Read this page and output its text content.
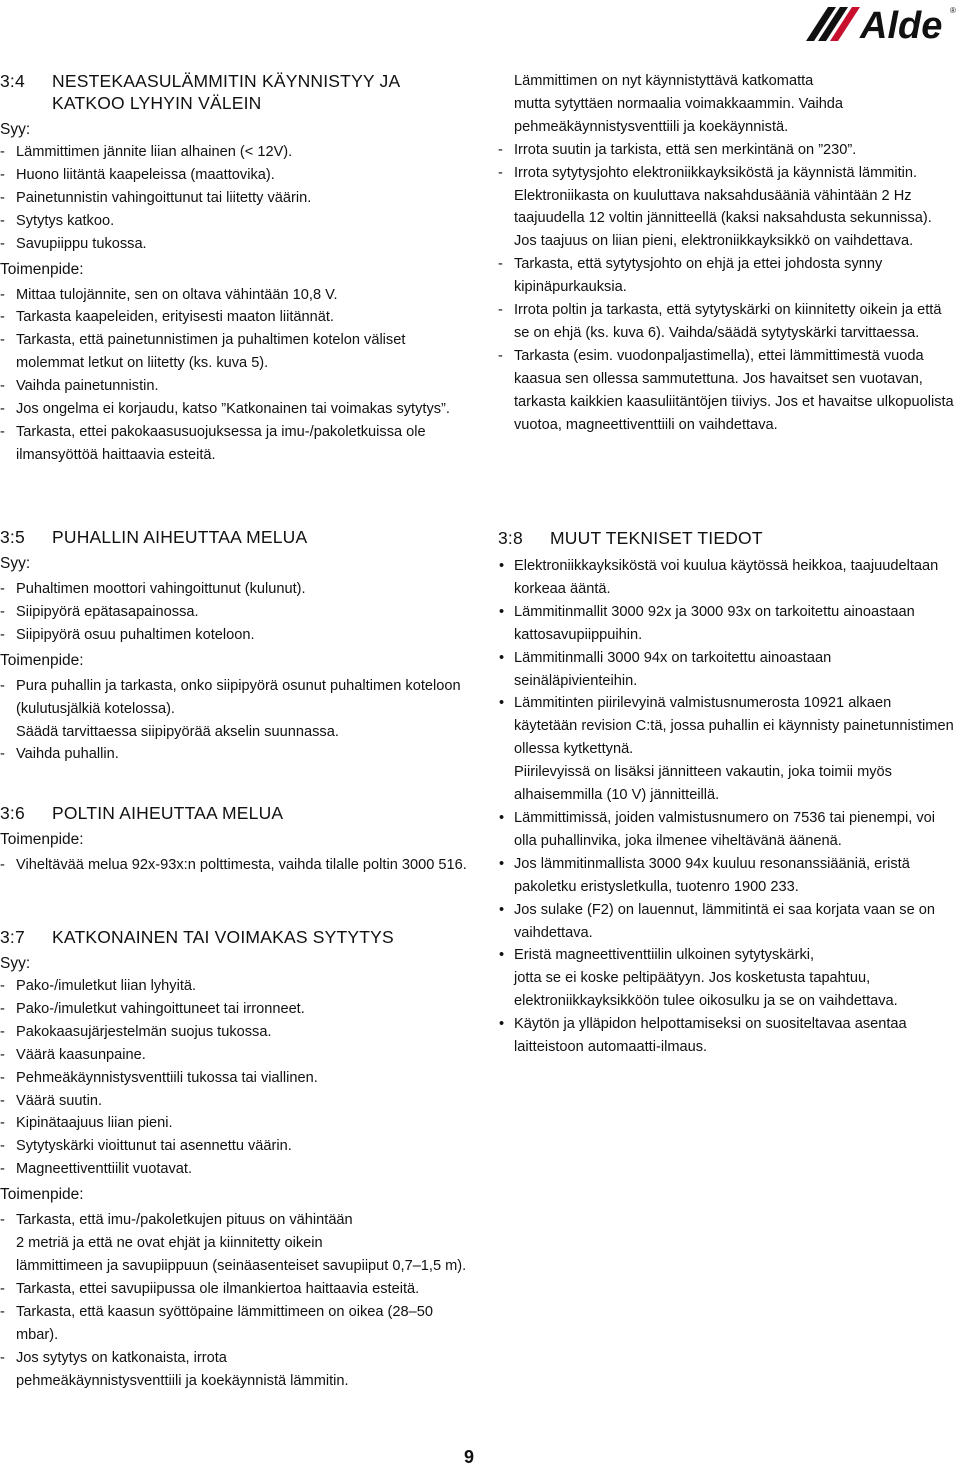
Alde ®
3:4	NESTEKAASULÄMMITIN KÄYNNISTYY JA KATKOO LYHYIN VÄLEIN
Syy:
- Lämmittimen jännite liian alhainen (< 12V).
- Huono liitäntä kaapeleissa (maattovika).
- Painetunnistin vahingoittunut tai liitetty väärin.
- Sytytys katkoo.
- Savupiippu tukossa.
Toimenpide:
- Mittaa tulojännite, sen on oltava vähintään 10,8 V.
- Tarkasta kaapeleiden, erityisesti maaton liitännät.
- Tarkasta, että painetunnistimen ja puhaltimen kotelon väliset molemmat letkut on liitetty (ks. kuva 5).
- Vaihda painetunnistin.
- Jos ongelma ei korjaudu, katso ”Katkonainen tai voimakas sytytys”.
- Tarkasta, ettei pakokaasusuojuksessa ja imu-/pakoletkuissa ole ilmansyöttöä haittaavia esteitä.
3:5	PUHALLIN AIHEUTTAA MELUA
Syy:
- Puhaltimen moottori vahingoittunut (kulunut).
- Siipipyörä epätasapainossa.
- Siipipyörä osuu puhaltimen koteloon.
Toimenpide:
- Pura puhallin ja tarkasta, onko siipipyörä osunut puhaltimen koteloon (kulutusjälkiä kotelossa).
Säädä tarvittaessa siipipyörää akselin suunnassa.
- Vaihda puhallin.
3:6	POLTIN AIHEUTTAA MELUA
Toimenpide:
- Viheltävää melua 92x-93x:n polttimesta, vaihda tilalle poltin 3000 516.
3:7	KATKONAINEN TAI VOIMAKAS SYTYTYS
Syy:
- Pako-/imuletkut liian lyhyitä.
- Pako-/imuletkut vahingoittuneet tai irronneet.
- Pakokaasujärjestelmän suojus tukossa.
- Väärä kaasunpaine.
- Pehmeäkäynnistysventtiili tukossa tai viallinen.
- Väärä suutin.
- Kipinätaajuus liian pieni.
- Sytytyskärki vioittunut tai asennettu väärin.
- Magneettiventtiilit vuotavat.
Toimenpide:
- Tarkasta, että imu-/pakoletkujen pituus on vähintään
2 metriä ja että ne ovat ehjät ja kiinnitetty oikein
lämmittimeen ja savupiippuun (seinäasenteiset savupiiput 0,7–1,5 m).
- Tarkasta, ettei savupiipussa ole ilmankiertoa haittaavia esteitä.
- Tarkasta, että kaasun syöttöpaine lämmittimeen on oikea (28–50 mbar).
- Jos sytytys on katkonaista, irrota
pehmeäkäynnistysventtiili ja koekäynnistä lämmitin.
Lämmittimen on nyt käynnistyttävä katkomatta
mutta sytyttäen normaalia voimakkaammin. Vaihda
pehmeäkäynnistysventtiili ja koekäynnistä.
- Irrota suutin ja tarkista, että sen merkintänä on ”230”.
- Irrota sytytysjohto elektroniikkayksiköstä ja käynnistä lämmitin. Elektroniikasta on kuuluttava naksahdusääniä vähintään 2 Hz taajuudella 12 voltin jännitteellä (kaksi naksahdusta sekunnissa). Jos taajuus on liian pieni, elektroniikkayksikkö on vaihdettava.
- Tarkasta, että sytytysjohto on ehjä ja ettei johdosta synny kipinäpurkauksia.
- Irrota poltin ja tarkasta, että sytytyskärki on kiinnitetty oikein ja että se on ehjä (ks. kuva 6). Vaihda/säädä sytytyskärki tarvittaessa.
- Tarkasta (esim. vuodonpaljastimella), ettei lämmittimestä vuoda kaasua sen ollessa sammutettuna. Jos havaitset sen vuotavan, tarkasta kaikkien kaasuliitäntöjen tiiviys. Jos et havaitse ulkopuolista vuotoa, magneettiventtiili on vaihdettava.
3:8	MUUT TEKNISET TIEDOT
• Elektroniikkayksiköstä voi kuulua käytössä heikkoa, taajuudeltaan korkeaa ääntä.
• Lämmitinmallit 3000 92x ja 3000 93x on tarkoitettu ainoastaan kattosavupiippuihin.
• Lämmitinmalli 3000 94x on tarkoitettu ainoastaan seinäläpivienteihin.
• Lämmitinten piirilevyinä valmistusnumerosta 10921 alkaen käytetään revision C:tä, jossa puhallin ei käynnisty painetunnistimen ollessa kytkettynä.
Piirilevyissä on lisäksi jännitteen vakautin, joka toimii myös alhaisemmilla (10 V) jännitteillä.
• Lämmittimissä, joiden valmistusnumero on 7536 tai pienempi, voi olla puhallinvika, joka ilmenee viheltävänä äänenä.
• Jos lämmitinmallista 3000 94x kuuluu resonanssiääniä, eristä pakoletku eristysletkulla, tuotenro 1900 233.
• Jos sulake (F2) on lauennut, lämmitintä ei saa korjata vaan se on vaihdettava.
• Eristä magneettiventtiilin ulkoinen sytytyskärki,
jotta se ei koske peltipäätyyn. Jos kosketusta tapahtuu, elektroniikkayksikköön tulee oikosulku ja se on vaihdettava.
• Käytön ja ylläpidon helpottamiseksi on suositeltavaa asentaa laitteistoon automaatti-ilmaus.
9
